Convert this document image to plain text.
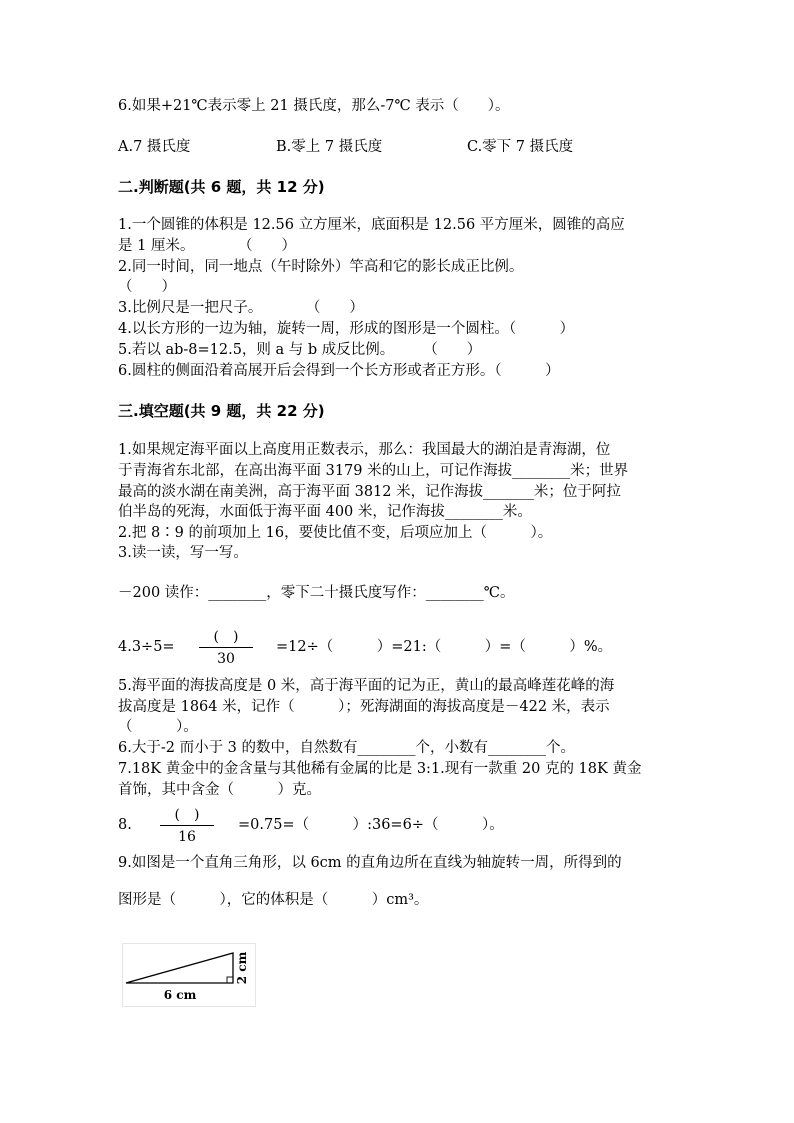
6.如果+21℃表示零上 21 摄氏度，那么-7℃ 表示（　　）。
A.7 摄氏度	B.零上 7 摄氏度	C.零下 7 摄氏度
二.判断题(共 6 题，共 12 分)
1.一个圆锥的体积是 12.56 立方厘米，底面积是 12.56 平方厘米，圆锥的高应
是 1 厘米。　　　　（　　）
2.同一时间，同一地点（午时除外）竿高和它的影长成正比例。
（　　）
3.比例尺是一把尺子。　　　　（　　）
4.以长方形的一边为轴，旋转一周，形成的图形是一个圆柱。（　　　）
5.若以 ab-8=12.5，则 a 与 b 成反比例。　　　（　　）
6.圆柱的侧面沿着高展开后会得到一个长方形或者正方形。（　　　）
三.填空题(共 9 题，共 22 分)
1.如果规定海平面以上高度用正数表示，那么：我国最大的湖泊是青海湖，位
于青海省东北部，在高出海平面 3179 米的山上，可记作海拔________米；世界
最高的淡水湖在南美洲，高于海平面 3812 米，记作海拔_______米；位于阿拉
伯半岛的死海，水面低于海平面 400 米，记作海拔________米。
2.把 8∶9 的前项加上 16，要使比值不变，后项应加上（　　　）。
3.读一读，写一写。
－200 读作：________，零下二十摄氏度写作：________℃。
4.3÷5=
(　)
30
=12÷（　　　）=21:（　　　）=（　　　）%。
5.海平面的海拔高度是 0 米，高于海平面的记为正，黄山的最高峰莲花峰的海
拔高度是 1864 米，记作（　　　）；死海湖面的海拔高度是－422 米，表示
（　　　）。
6.大于-2 而小于 3 的数中，自然数有________个，小数有________个。
7.18K 黄金中的金含量与其他稀有金属的比是 3:1.现有一款重 20 克的 18K 黄金
首饰，其中含金（　　　）克。
8.
(　)
16
=0.75=（　　　）:36=6÷（　　　）。
9.如图是一个直角三角形，以 6cm 的直角边所在直线为轴旋转一周，所得到的
图形是（　　　），它的体积是（　　　）cm³。
6 cm
2 cm
